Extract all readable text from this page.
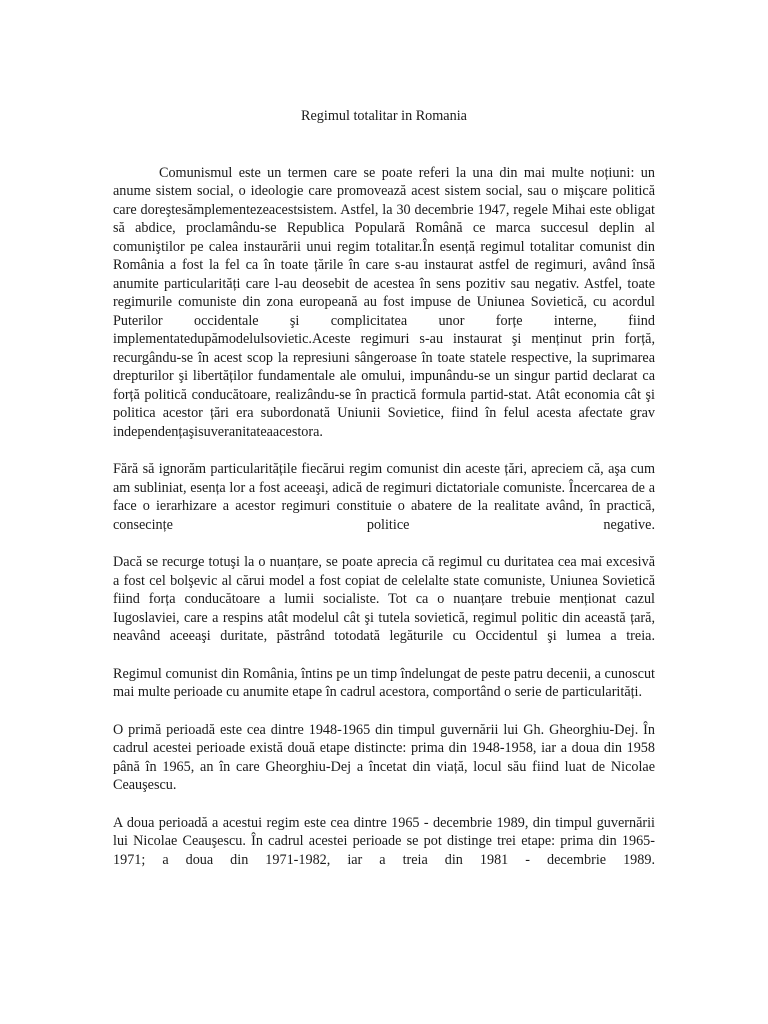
Regimul totalitar in Romania

Comunismul este un termen care se poate referi la una din mai multe noțiuni: un anume sistem social, o ideologie care promovează acest sistem social, sau o mişcare politică care doreştesămplementezeacestsistem. Astfel, la 30 decembrie 1947, regele Mihai este obligat să abdice, proclamându-se Republica Populară Română ce marca succesul deplin al comuniştilor pe calea instaurării unui regim totalitar.În esență regimul totalitar comunist din România a fost la fel ca în toate țările în care s-au instaurat astfel de regimuri, având însă anumite particularități care l-au deosebit de acestea în sens pozitiv sau negativ. Astfel, toate regimurile comuniste din zona europeană au fost impuse de Uniunea Sovietică, cu acordul Puterilor occidentale şi complicitatea unor forțe interne, fiind implementatedupămodelulsovietic.Aceste regimuri s-au instaurat şi menținut prin forță, recurgându-se în acest scop la represiuni sângeroase în toate statele respective, la suprimarea drepturilor şi libertăților fundamentale ale omului, impunându-se un singur partid declarat ca forță politică conducătoare, realizându-se în practică formula partid-stat. Atât economia cât şi politica acestor țări era subordonată Uniunii Sovietice, fiind în felul acesta afectate grav independențaşisuveranitateaacestora.

Fără să ignorăm particularitățile fiecărui regim comunist din aceste țări, apreciem că, aşa cum am subliniat, esența lor a fost aceeaşi, adică de regimuri dictatoriale comuniste. Încercarea de a face o ierarhizare a acestor regimuri constituie o abatere de la realitate având, în practică, consecințe politice negative.

Dacă se recurge totuşi la o nuanțare, se poate aprecia că regimul cu duritatea cea mai excesivă a fost cel bolşevic al cărui model a fost copiat de celelalte state comuniste, Uniunea Sovietică fiind forța conducătoare a lumii socialiste. Tot ca o nuanțare trebuie menționat cazul Iugoslaviei, care a respins atât modelul cât şi tutela sovietică, regimul politic din această țară, neavând aceeaşi duritate, păstrând totodată legăturile cu Occidentul şi lumea a treia.

Regimul comunist din România, întins pe un timp îndelungat de peste patru decenii, a cunoscut mai multe perioade cu anumite etape în cadrul acestora, comportând o serie de particularități.

O primă perioadă este cea dintre 1948-1965 din timpul guvernării lui Gh. Gheorghiu-Dej. În cadrul acestei perioade există două etape distincte: prima din 1948-1958, iar a doua din 1958 până în 1965, an în care Gheorghiu-Dej a încetat din viață, locul său fiind luat de Nicolae Ceauşescu.

A doua perioadă a acestui regim este cea dintre 1965 - decembrie 1989, din timpul guvernării lui Nicolae Ceauşescu. În cadrul acestei perioade se pot distinge trei etape: prima din 1965-1971; a doua din 1971-1982, iar a treia din 1981 - decembrie 1989.
